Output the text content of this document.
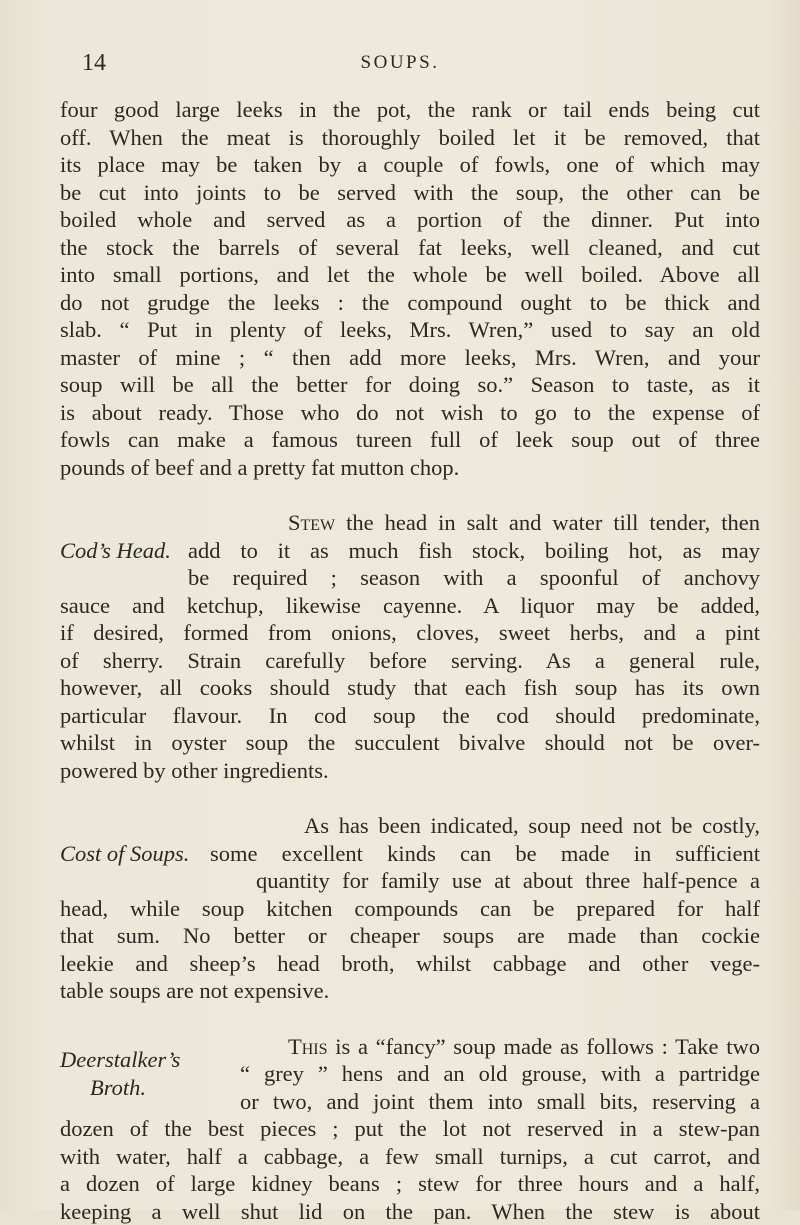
14	SOUPS.
four good large leeks in the pot, the rank or tail ends being cut
off. When the meat is thoroughly boiled let it be removed, that
its place may be taken by a couple of fowls, one of which may
be cut into joints to be served with the soup, the other can be
boiled whole and served as a portion of the dinner. Put into
the stock the barrels of several fat leeks, well cleaned, and cut
into small portions, and let the whole be well boiled. Above all
do not grudge the leeks : the compound ought to be thick and
slab. “ Put in plenty of leeks, Mrs. Wren,” used to say an old
master of mine ; “ then add more leeks, Mrs. Wren, and your
soup will be all the better for doing so.” Season to taste, as it
is about ready. Those who do not wish to go to the expense of
fowls can make a famous tureen full of leek soup out of three
pounds of beef and a pretty fat mutton chop.
Stew the head in salt and water till tender, then
Cod’s Head. add to it as much fish stock, boiling hot, as may
be required ; season with a spoonful of anchovy
sauce and ketchup, likewise cayenne. A liquor may be added,
if desired, formed from onions, cloves, sweet herbs, and a pint
of sherry. Strain carefully before serving. As a general rule,
however, all cooks should study that each fish soup has its own
particular flavour. In cod soup the cod should predominate,
whilst in oyster soup the succulent bivalve should not be over-
powered by other ingredients.
As has been indicated, soup need not be costly,
Cost of Soups. some excellent kinds can be made in sufficient
quantity for family use at about three half-pence a
head, while soup kitchen compounds can be prepared for half
that sum. No better or cheaper soups are made than cockie
leekie and sheep’s head broth, whilst cabbage and other vege-
table soups are not expensive.
This is a “fancy” soup made as follows : Take two
Deerstalker’s
Broth.
“ grey ” hens and an old grouse, with a partridge
or two, and joint them into small bits, reserving a
dozen of the best pieces ; put the lot not reserved in a stew-pan
with water, half a cabbage, a few small turnips, a cut carrot, and
a dozen of large kidney beans ; stew for three hours and a half,
keeping a well shut lid on the pan. When the stew is about
